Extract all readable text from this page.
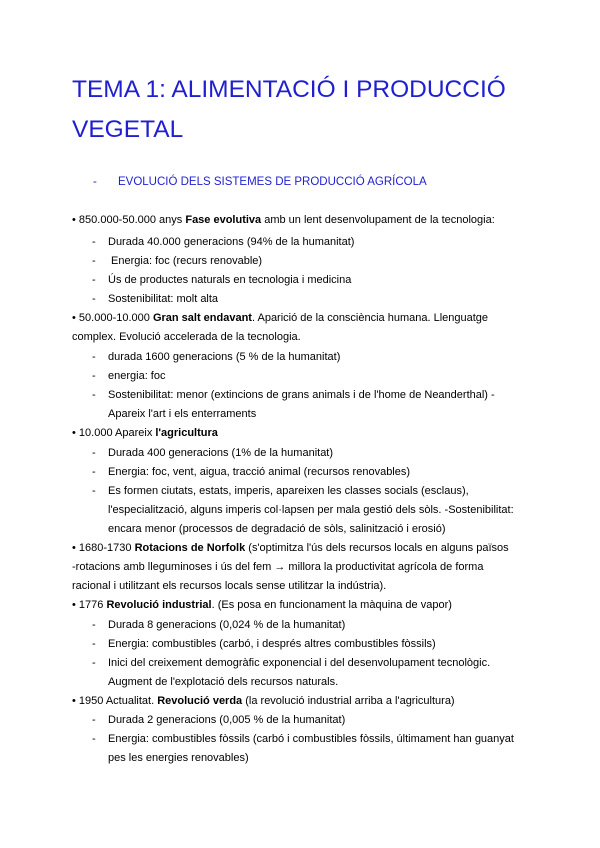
TEMA 1: ALIMENTACIÓ I PRODUCCIÓ VEGETAL
- EVOLUCIÓ DELS SISTEMES DE PRODUCCIÓ AGRÍCOLA
• 850.000-50.000 anys Fase evolutiva amb un lent desenvolupament de la tecnologia:
- Durada 40.000 generacions (94% de la humanitat)
- Energia: foc (recurs renovable)
- Ús de productes naturals en tecnologia i medicina
- Sostenibilitat: molt alta
• 50.000-10.000 Gran salt endavant. Aparició de la consciència humana. Llenguatge
complex. Evolució accelerada de la tecnologia.
- durada 1600 generacions (5 % de la humanitat)
- energia: foc
- Sostenibilitat: menor (extincions de grans animals i de l'home de Neanderthal) -
Apareix l'art i els enterraments
• 10.000 Apareix l'agricultura
- Durada 400 generacions (1% de la humanitat)
- Energia: foc, vent, aigua, tracció animal (recursos renovables)
- Es formen ciutats, estats, imperis, apareixen les classes socials (esclaus),
l'especialització, alguns imperis col·lapsen per mala gestió dels sòls. -Sostenibilitat:
encara menor (processos de degradació de sòls, salinització i erosió)
• 1680-1730 Rotacions de Norfolk (s'optimitza l'ús dels recursos locals en alguns països
-rotacions amb lleguminoses i ús del fem → millora la productivitat agrícola de forma
racional i utilitzant els recursos locals sense utilitzar la indústria).
• 1776 Revolució industrial. (Es posa en funcionament la màquina de vapor)
- Durada 8 generacions (0,024 % de la humanitat)
- Energia: combustibles (carbó, i després altres combustibles fòssils)
- Inici del creixement demogràfic exponencial i del desenvolupament tecnològic.
Augment de l'explotació dels recursos naturals.
• 1950 Actualitat. Revolució verda (la revolució industrial arriba a l'agricultura)
- Durada 2 generacions (0,005 % de la humanitat)
- Energia: combustibles fòssils (carbó i combustibles fòssils, últimament han guanyat
pes les energies renovables)
